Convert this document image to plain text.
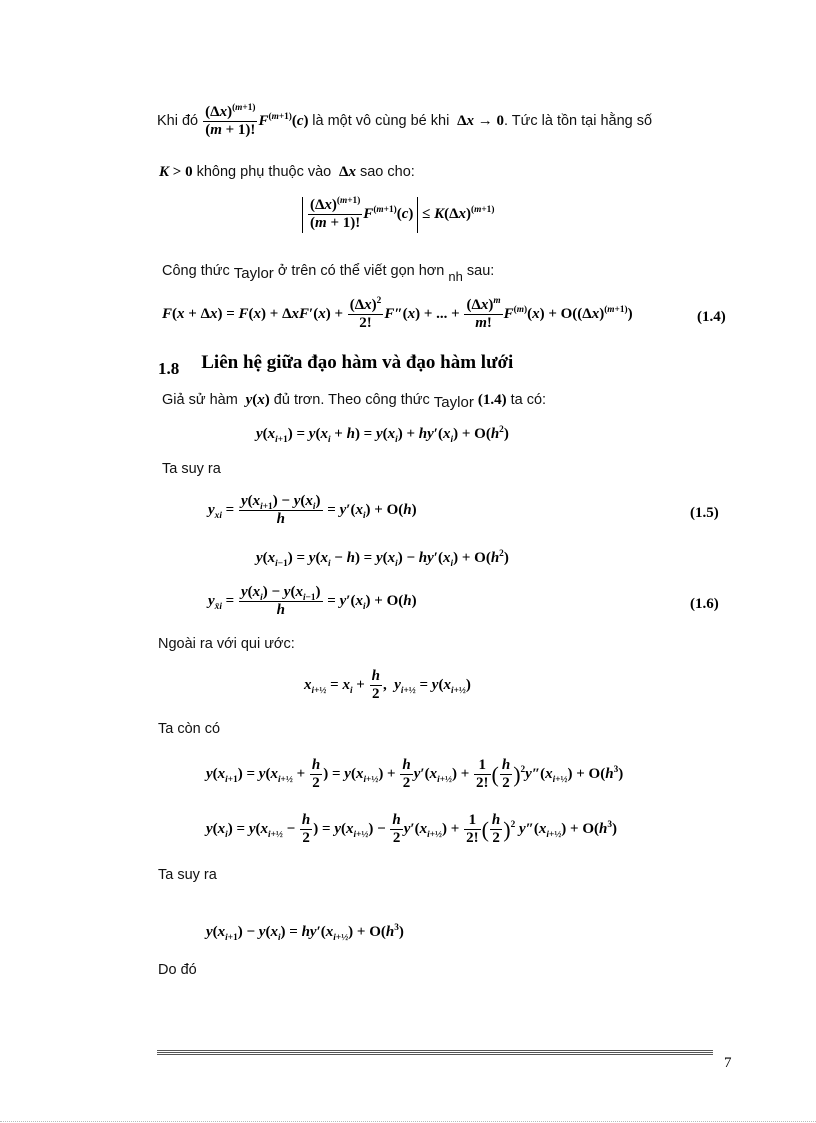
Khi đó $\frac{(\Delta x)^{(m+1)}}{(m + 1)!} F^{(m+1)}(c)$ là một vô cùng bé khi  Δx → 0. Tức là tồn tại hằng số
K > 0 không phụ thuộc vào  Δx sao cho:
$\frac{(\Delta x)^{(m+1)}}{(m + 1)!} F^{(m+1)}(c) \le K(\Delta x)^{(m+1)}$
Công thức Taylor ở trên có thể viết gọn hơn nh sau:
$F(x + \Delta x) = F(x) + \Delta xF'(x) + \frac{(\Delta x)^2}{2!} F''(x)$ + ... + $\frac{(\Delta x)^m}{m!} F^{(m)}(x) + O((\Delta x)^{(m+1)})$	(1.4)
1.8 Liên hệ giữa đạo hàm và đạo hàm lưới
Giả sử hàm y(x) đủ trơn. Theo công thức Taylor (1.4) ta có:
$y(x_{i+1}) = y(x_i + h) = y(x_i) + hy'(x_i) + O(h^2)$
Ta suy ra
$y_{xi} = \frac{y(x_{i+1}) - y(x_i)}{h} = y'(x_i) + O(h)$	(1.5)
$y(x_{i-1}) = y(x_i - h) = y(x_i) - hy'(x_i) + O(h^2)$
$y_{x̄i} = \frac{y(x_i) - y(x_{i-1})}{h} = y'(x_i) + O(h)$	(1.6)
Ngoài ra với qui ước:
$x_{i+\frac{1}{2}} = x_i + \frac{h}{2}$ ,  $y_{i+\frac{1}{2}} = y(x_{i+\frac{1}{2}})$
Ta còn có
$y(x_{i+1}) = y(x_{i+\frac{1}{2}} + \frac{h}{2}$ ) = $y(x_{i+\frac{1}{2}}) + \frac{h}{2} y'(x_{i+\frac{1}{2}}) + \frac{1}{2!}$ ( $\frac{h}{2} )^2y''(x_{i+\frac{1}{2}}) + O(h^3)$
$y(x_i) = y(x_{i+\frac{1}{2}} - \frac{h}{2}$ ) = $y(x_{i+\frac{1}{2}}) - \frac{h}{2} y'(x_{i+\frac{1}{2}}) + \frac{1}{2!}$ ( $\frac{h}{2} )^2$ $y''(x_{i+\frac{1}{2}}) + O(h^3)$
Ta suy ra
$y(x_{i+1}) - y(x_i) = hy'(x_{i+\frac{1}{2}}) + O(h^3)$
Do đó
7
